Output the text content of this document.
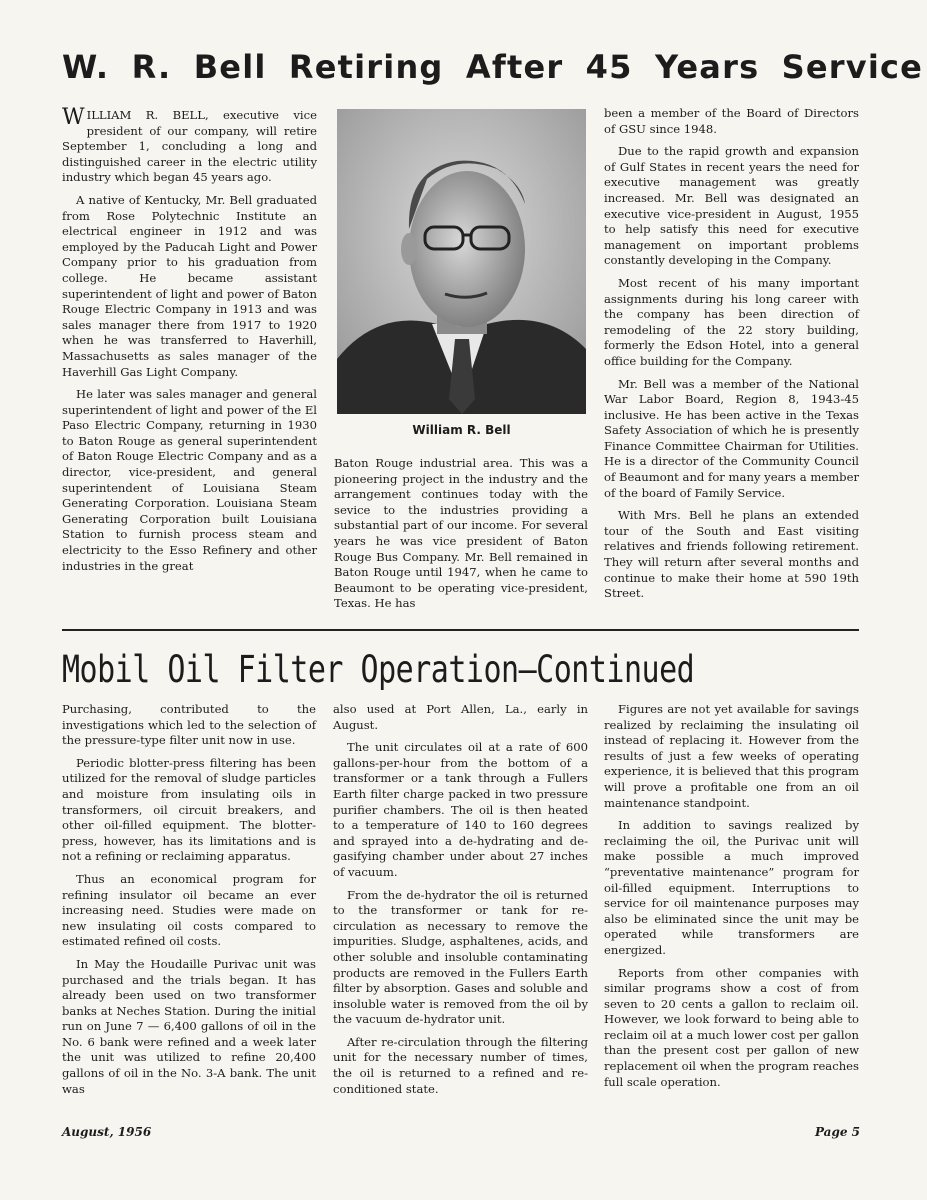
W. R. Bell Retiring After 45 Years Service

WILLIAM R. BELL, executive vice president of our company, will retire September 1, concluding a long and distinguished career in the electric utility industry which began 45 years ago.

A native of Kentucky, Mr. Bell graduated from Rose Polytechnic Institute an electrical engineer in 1912 and was employed by the Paducah Light and Power Company prior to his graduation from college. He became assistant superintendent of light and power of Baton Rouge Electric Company in 1913 and was sales manager there from 1917 to 1920 when he was transferred to Haverhill, Massachusetts as sales manager of the Haverhill Gas Light Company.

He later was sales manager and general superintendent of light and power of the El Paso Electric Company, returning in 1930 to Baton Rouge as general superintendent of Baton Rouge Electric Company and as a director, vice-president, and general superintendent of Louisiana Steam Generating Corporation. Louisiana Steam Generating Corporation built Louisiana Station to furnish process steam and electricity to the Esso Refinery and other industries in the great

William R. Bell

Baton Rouge industrial area. This was a pioneering project in the industry and the arrangement continues today with the sevice to the industries providing a substantial part of our income. For several years he was vice president of Baton Rouge Bus Company. Mr. Bell remained in Baton Rouge until 1947, when he came to Beaumont to be operating vice-president, Texas. He has

been a member of the Board of Directors of GSU since 1948.

Due to the rapid growth and expansion of Gulf States in recent years the need for executive management was greatly increased. Mr. Bell was designated an executive vice-president in August, 1955 to help satisfy this need for executive management on important problems constantly developing in the Company.

Most recent of his many important assignments during his long career with the company has been direction of remodeling of the 22 story building, formerly the Edson Hotel, into a general office building for the Company.

Mr. Bell was a member of the National War Labor Board, Region 8, 1943-45 inclusive. He has been active in the Texas Safety Association of which he is presently Finance Committee Chairman for Utilities. He is a director of the Community Council of Beaumont and for many years a member of the board of Family Service.

With Mrs. Bell he plans an extended tour of the South and East visiting relatives and friends following retirement. They will return after several months and continue to make their home at 590 19th Street.

Mobil Oil Filter Operation—Continued

Purchasing, contributed to the investigations which led to the selection of the pressure-type filter unit now in use.

Periodic blotter-press filtering has been utilized for the removal of sludge particles and moisture from insulating oils in transformers, oil circuit breakers, and other oil-filled equipment. The blotter-press, however, has its limitations and is not a refining or reclaiming apparatus.

Thus an economical program for refining insulator oil became an ever increasing need. Studies were made on new insulating oil costs compared to estimated refined oil costs.

In May the Houdaille Purivac unit was purchased and the trials began. It has already been used on two transformer banks at Neches Station. During the initial run on June 7 — 6,400 gallons of oil in the No. 6 bank were refined and a week later the unit was utilized to refine 20,400 gallons of oil in the No. 3-A bank. The unit was

also used at Port Allen, La., early in August.

The unit circulates oil at a rate of 600 gallons-per-hour from the bottom of a transformer or a tank through a Fullers Earth filter charge packed in two pressure purifier chambers. The oil is then heated to a temperature of 140 to 160 degrees and sprayed into a de-hydrating and de-gasifying chamber under about 27 inches of vacuum.

From the de-hydrator the oil is returned to the transformer or tank for re-circulation as necessary to remove the impurities. Sludge, asphaltenes, acids, and other soluble and insoluble contaminating products are removed in the Fullers Earth filter by absorption. Gases and soluble and insoluble water is removed from the oil by the vacuum de-hydrator unit.

After re-circulation through the filtering unit for the necessary number of times, the oil is returned to a refined and re-conditioned state.

Figures are not yet available for savings realized by reclaiming the insulating oil instead of replacing it. However from the results of just a few weeks of operating experience, it is believed that this program will prove a profitable one from an oil maintenance standpoint.

In addition to savings realized by reclaiming the oil, the Purivac unit will make possible a much improved “preventative maintenance” program for oil-filled equipment. Interruptions to service for oil maintenance purposes may also be eliminated since the unit may be operated while transformers are energized.

Reports from other companies with similar programs show a cost of from seven to 20 cents a gallon to reclaim oil. However, we look forward to being able to reclaim oil at a much lower cost per gallon than the present cost per gallon of new replacement oil when the program reaches full scale operation.

August, 1956	Page 5
